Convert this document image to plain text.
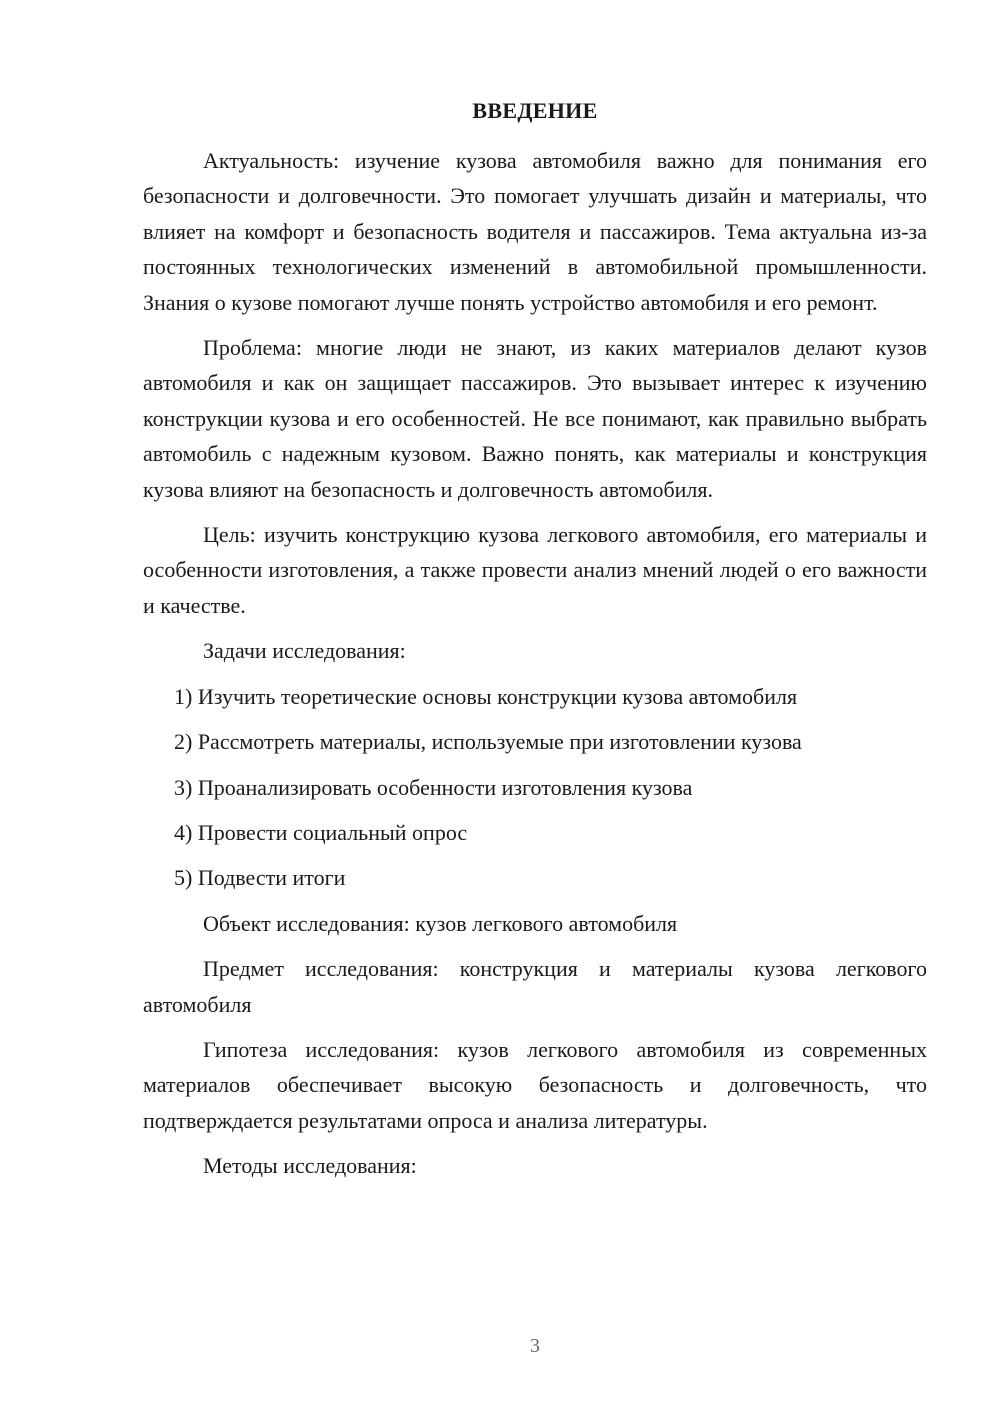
ВВЕДЕНИЕ

Актуальность: изучение кузова автомобиля важно для понимания его безопасности и долговечности. Это помогает улучшать дизайн и материалы, что влияет на комфорт и безопасность водителя и пассажиров. Тема актуальна из-за постоянных технологических изменений в автомобильной промышленности. Знания о кузове помогают лучше понять устройство автомобиля и его ремонт.

Проблема: многие люди не знают, из каких материалов делают кузов автомобиля и как он защищает пассажиров. Это вызывает интерес к изучению конструкции кузова и его особенностей. Не все понимают, как правильно выбрать автомобиль с надежным кузовом. Важно понять, как материалы и конструкция кузова влияют на безопасность и долговечность автомобиля.

Цель: изучить конструкцию кузова легкового автомобиля, его материалы и особенности изготовления, а также провести анализ мнений людей о его важности и качестве.

Задачи исследования:

1) Изучить теоретические основы конструкции кузова автомобиля
2) Рассмотреть материалы, используемые при изготовлении кузова
3) Проанализировать особенности изготовления кузова
4) Провести социальный опрос
5) Подвести итоги

Объект исследования: кузов легкового автомобиля

Предмет исследования: конструкция и материалы кузова легкового автомобиля

Гипотеза исследования: кузов легкового автомобиля из современных материалов обеспечивает высокую безопасность и долговечность, что подтверждается результатами опроса и анализа литературы.

Методы исследования:

3
